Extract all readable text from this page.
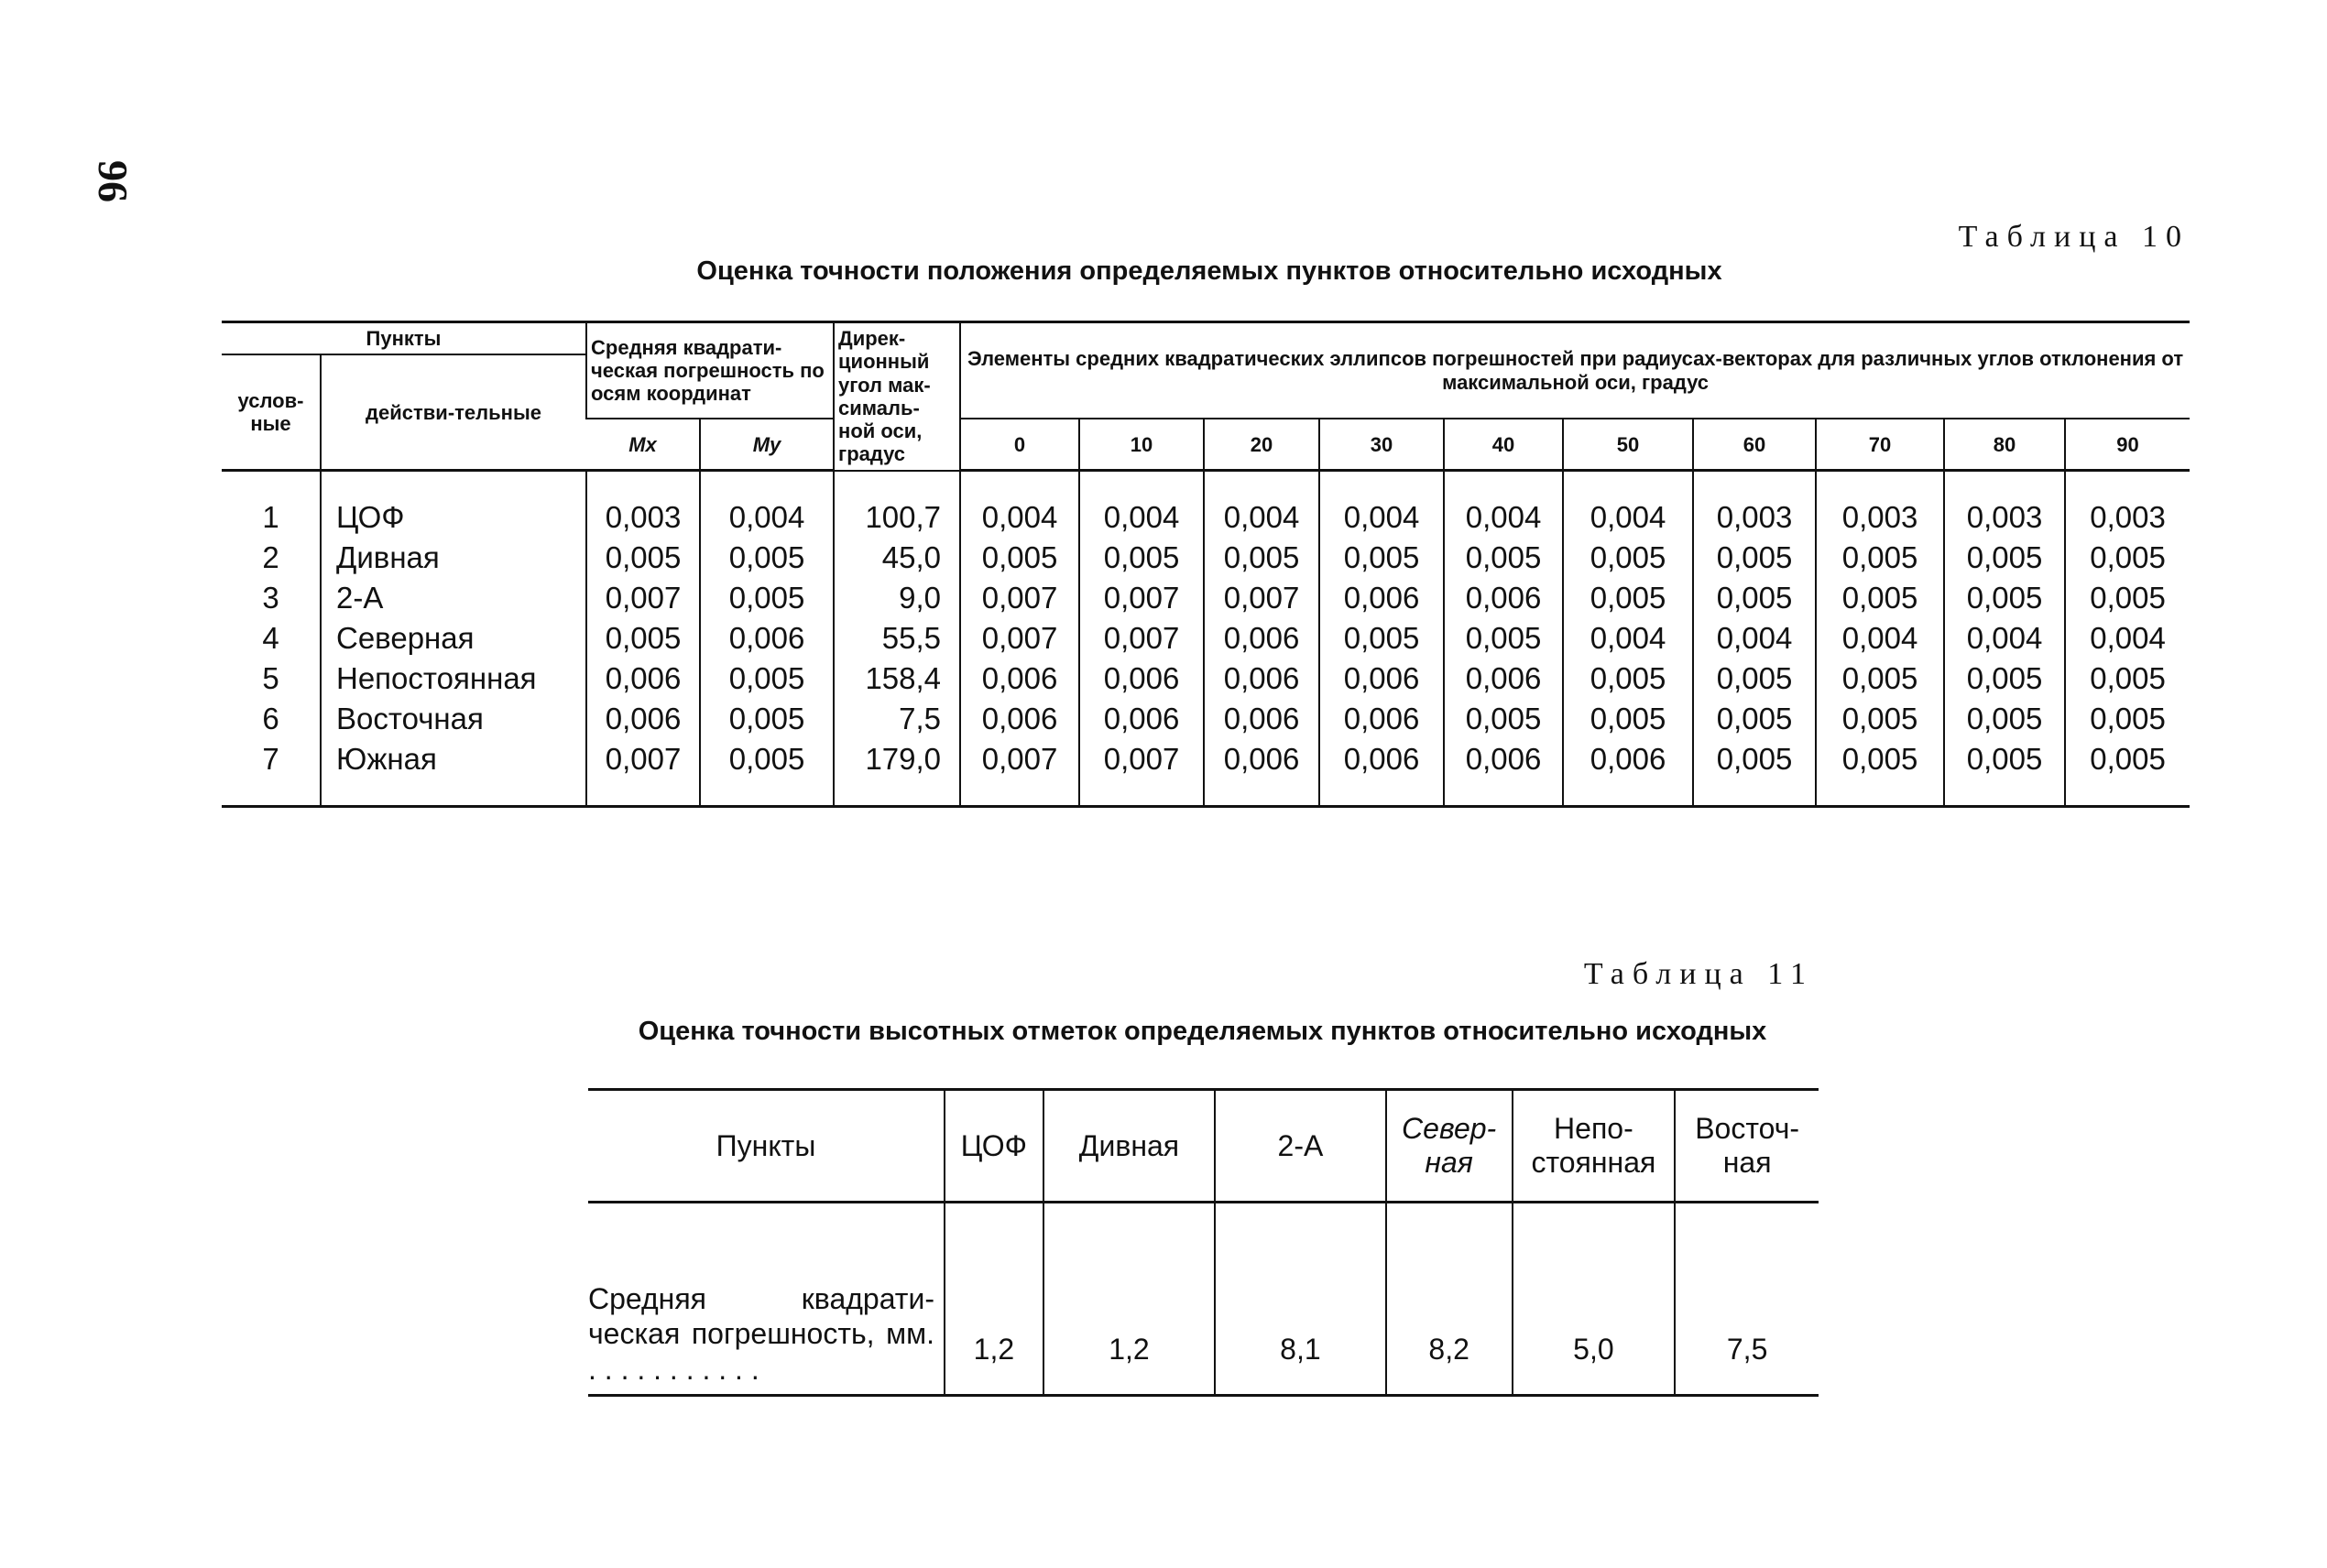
96
Таблица 10
Оценка точности положения определяемых пунктов относительно исходных
Пункты		Средняя квадрати-ческая погрешность по осям координат		Дирек-ционный угол мак-сималь-ной оси, градус	Элементы средних квадратических эллипсов погрешностей при радиусах-векторах для различных углов отклонения от максимальной оси, градус									
услов-ные	действи-тельные													
		Mx	My		0	10	20	30	40	50	60	70	80	90
1	ЦОФ	0,003	0,004	100,7	0,004	0,004	0,004	0,004	0,004	0,004	0,003	0,003	0,003	0,003
2	Дивная	0,005	0,005	45,0	0,005	0,005	0,005	0,005	0,005	0,005	0,005	0,005	0,005	0,005
3	2-А	0,007	0,005	9,0	0,007	0,007	0,007	0,006	0,006	0,005	0,005	0,005	0,005	0,005
4	Северная	0,005	0,006	55,5	0,007	0,007	0,006	0,005	0,005	0,004	0,004	0,004	0,004	0,004
5	Непостоянная	0,006	0,005	158,4	0,006	0,006	0,006	0,006	0,006	0,005	0,005	0,005	0,005	0,005
6	Восточная	0,006	0,005	7,5	0,006	0,006	0,006	0,006	0,005	0,005	0,005	0,005	0,005	0,005
7	Южная	0,007	0,005	179,0	0,007	0,007	0,006	0,006	0,006	0,006	0,005	0,005	0,005	0,005
Таблица 11
Оценка точности высотных отметок определяемых пунктов относительно исходных
Пункты	ЦОФ	Дивная	2-А	Север-ная	Непо-стоянная	Восточ-ная
Средняя квадрати-ческая погрешность, мм. . . . . . . . . . . .	1,2	1,2	8,1	8,2	5,0	7,5
